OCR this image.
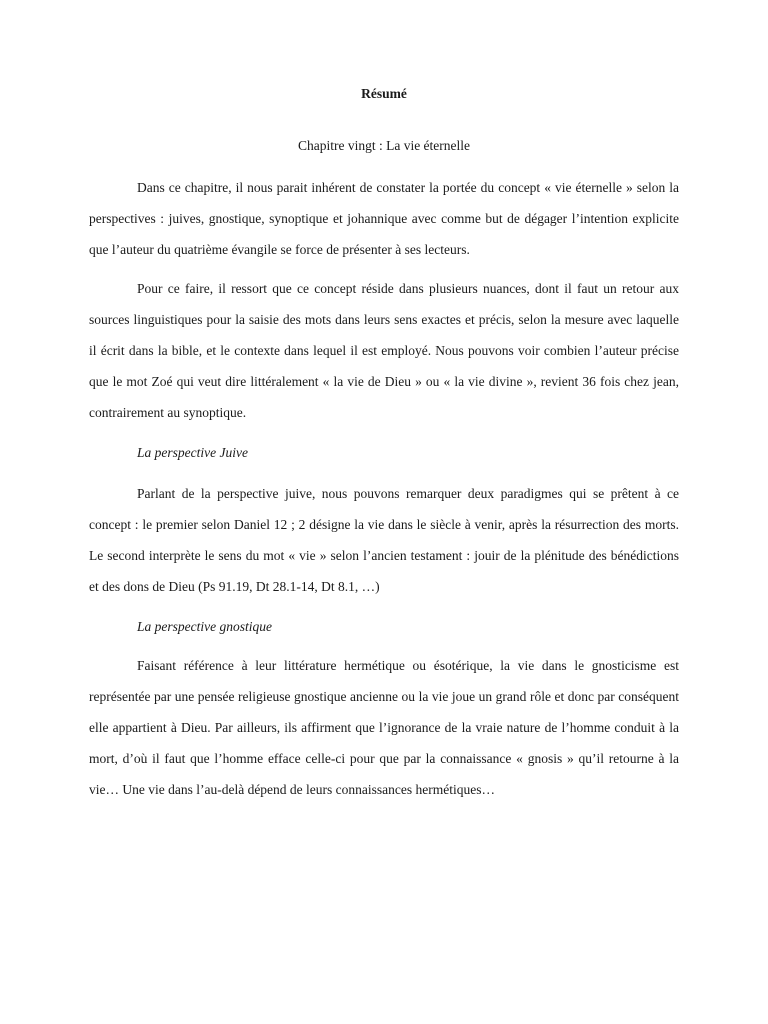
Résumé
Chapitre vingt : La vie éternelle

Dans ce chapitre, il nous parait inhérent de constater la portée du concept « vie éternelle » selon la perspectives : juives, gnostique, synoptique et johannique avec comme but de dégager l’intention explicite que l’auteur du quatrième évangile se force de présenter à ses lecteurs.

Pour ce faire, il ressort que ce concept réside dans plusieurs nuances, dont il faut un retour aux sources linguistiques pour la saisie des mots dans leurs sens exactes et précis, selon la mesure avec laquelle il écrit dans la bible, et le contexte dans lequel il est employé. Nous pouvons voir combien l’auteur précise que le mot Zoé qui veut dire littéralement « la vie de Dieu » ou « la vie divine », revient 36 fois chez jean, contrairement au synoptique.

La perspective Juive

Parlant de la perspective juive, nous pouvons remarquer deux paradigmes qui se prêtent à ce concept : le premier selon Daniel 12 ; 2 désigne la vie dans le siècle à venir, après la résurrection des morts. Le second interprète le sens du mot « vie » selon l’ancien testament : jouir de la plénitude des bénédictions et des dons de Dieu (Ps 91.19, Dt 28.1-14, Dt 8.1, …)

La perspective gnostique

Faisant référence à leur littérature hermétique ou ésotérique, la vie dans le gnosticisme est représentée par une pensée religieuse gnostique ancienne ou la vie joue un grand rôle et donc par conséquent elle appartient à Dieu. Par ailleurs, ils affirment que l’ignorance de la vraie nature de l’homme conduit à la mort, d’où il faut que l’homme efface celle-ci pour que par la connaissance « gnosis » qu’il retourne à la vie… Une vie dans l’au-delà dépend de leurs connaissances hermétiques…
